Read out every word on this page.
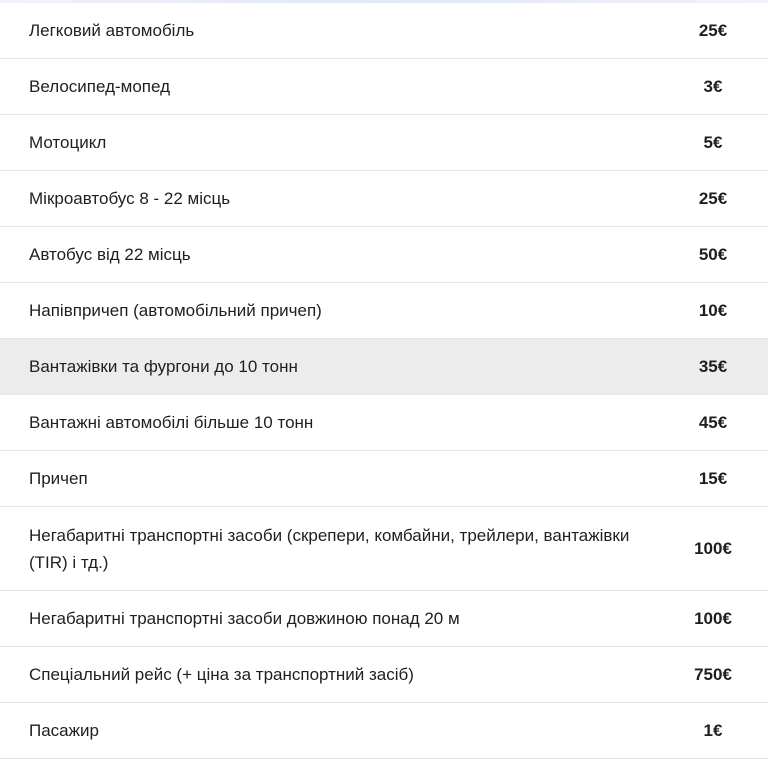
Легковий автомобіль	25€
Велосипед-мопед	3€
Мотоцикл	5€
Мікроавтобус 8 - 22 місць	25€
Автобус від 22 місць	50€
Напівпричеп (автомобільний причеп)	10€
Вантажівки та фургони до 10 тонн	35€
Вантажні автомобілі більше 10 тонн	45€
Причеп	15€
Негабаритні транспортні засоби (скрепери, комбайни, трейлери, вантажівки (TIR) і тд.)	100€
Негабаритні транспортні засоби довжиною понад 20 м	100€
Спеціальний рейс (+ ціна за транспортний засіб)	750€
Пасажир	1€
